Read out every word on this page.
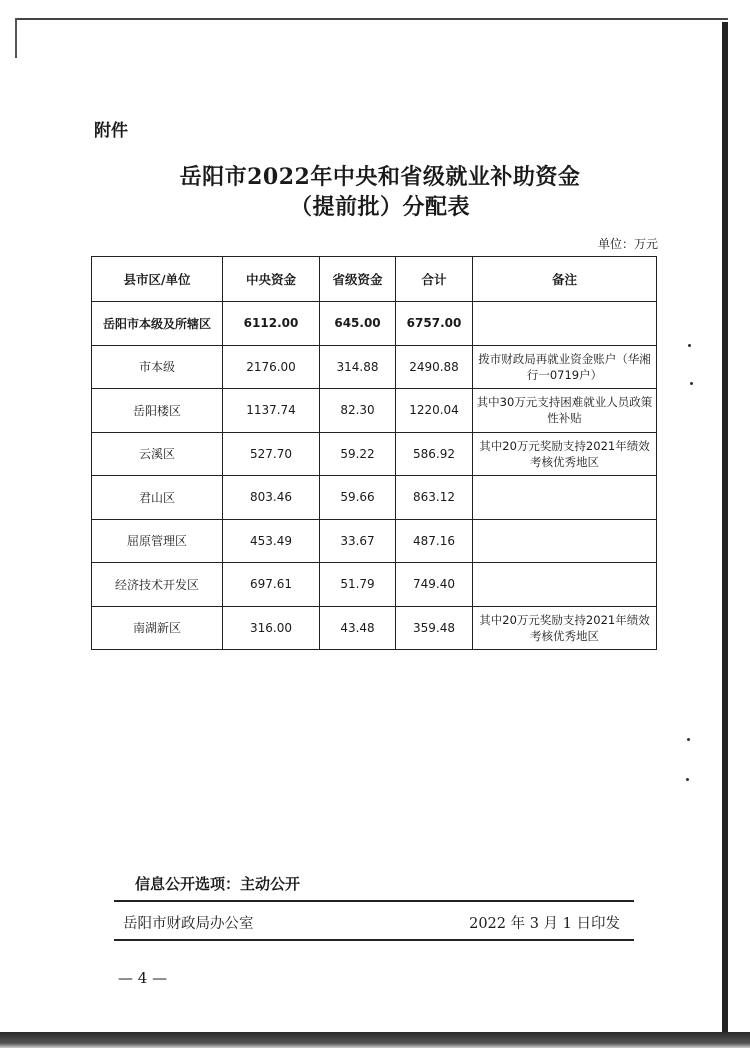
附件
岳阳市2022年中央和省级就业补助资金
（提前批）分配表
单位：万元
县市区/单位	中央资金	省级资金	合计	备注
岳阳市本级及所辖区	6112.00	645.00	6757.00	
市本级	2176.00	314.88	2490.88	拨市财政局再就业资金账户（华湘行一0719户）
岳阳楼区	1137.74	82.30	1220.04	其中30万元支持困难就业人员政策性补贴
云溪区	527.70	59.22	586.92	其中20万元奖励支持2021年绩效考核优秀地区
君山区	803.46	59.66	863.12	
屈原管理区	453.49	33.67	487.16	
经济技术开发区	697.61	51.79	749.40	
南湖新区	316.00	43.48	359.48	其中20万元奖励支持2021年绩效考核优秀地区
信息公开选项：主动公开
岳阳市财政局办公室	2022 年 3 月 1 日印发
— 4 —
